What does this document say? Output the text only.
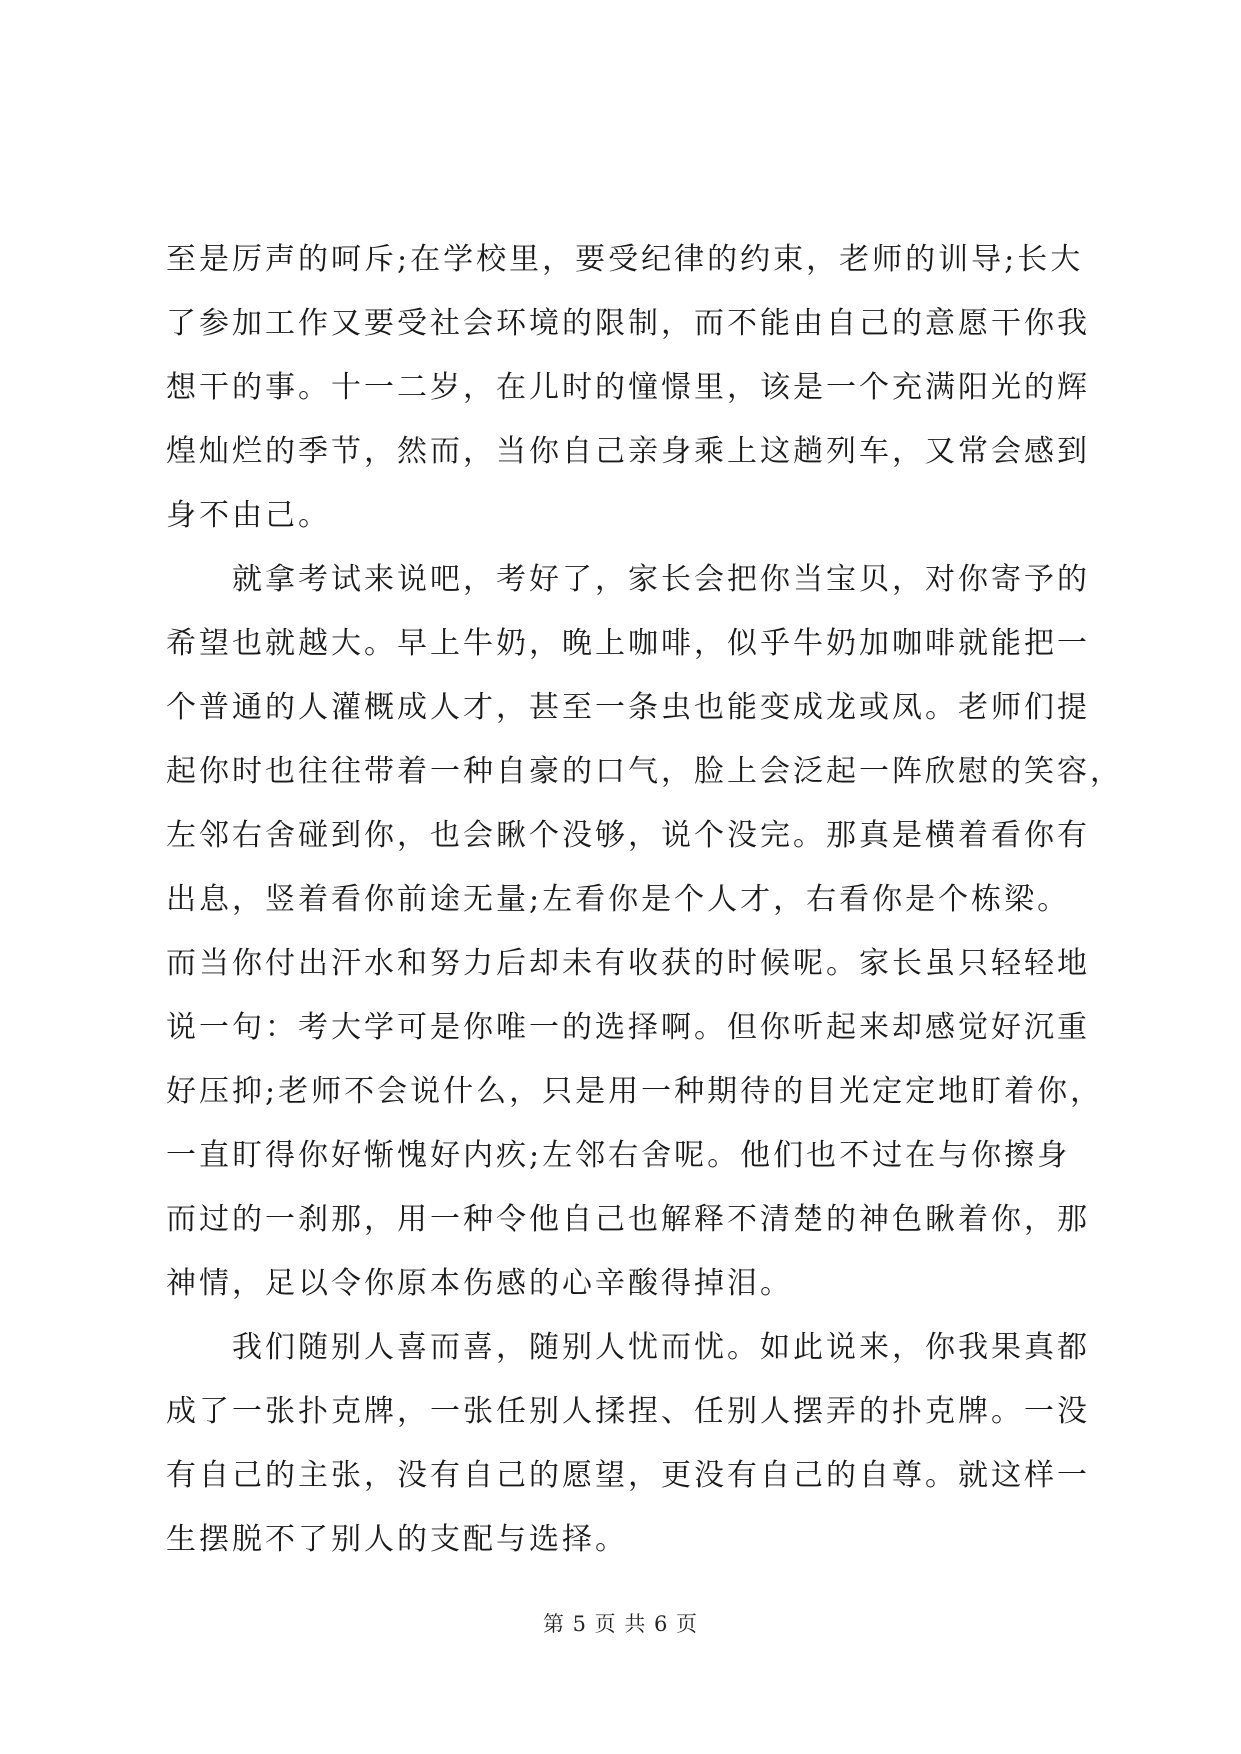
至是厉声的呵斥;在学校里，要受纪律的约束，老师的训导;长大
了参加工作又要受社会环境的限制，而不能由自己的意愿干你我
想干的事。十一二岁，在儿时的憧憬里，该是一个充满阳光的辉
煌灿烂的季节，然而，当你自己亲身乘上这趟列车，又常会感到
身不由己。

就拿考试来说吧，考好了，家长会把你当宝贝，对你寄予的
希望也就越大。早上牛奶，晚上咖啡，似乎牛奶加咖啡就能把一
个普通的人灌概成人才，甚至一条虫也能变成龙或凤。老师们提
起你时也往往带着一种自豪的口气，脸上会泛起一阵欣慰的笑容，
左邻右舍碰到你，也会瞅个没够，说个没完。那真是横着看你有
出息，竖着看你前途无量;左看你是个人才，右看你是个栋梁。
而当你付出汗水和努力后却未有收获的时候呢。家长虽只轻轻地
说一句：考大学可是你唯一的选择啊。但你听起来却感觉好沉重
好压抑;老师不会说什么，只是用一种期待的目光定定地盯着你，
一直盯得你好惭愧好内疚;左邻右舍呢。他们也不过在与你擦身
而过的一刹那，用一种令他自己也解释不清楚的神色瞅着你，那
神情，足以令你原本伤感的心辛酸得掉泪。

我们随别人喜而喜，随别人忧而忧。如此说来，你我果真都
成了一张扑克牌，一张任别人揉捏、任别人摆弄的扑克牌。一没
有自己的主张，没有自己的愿望，更没有自己的自尊。就这样一
生摆脱不了别人的支配与选择。

第 5 页 共 6 页
